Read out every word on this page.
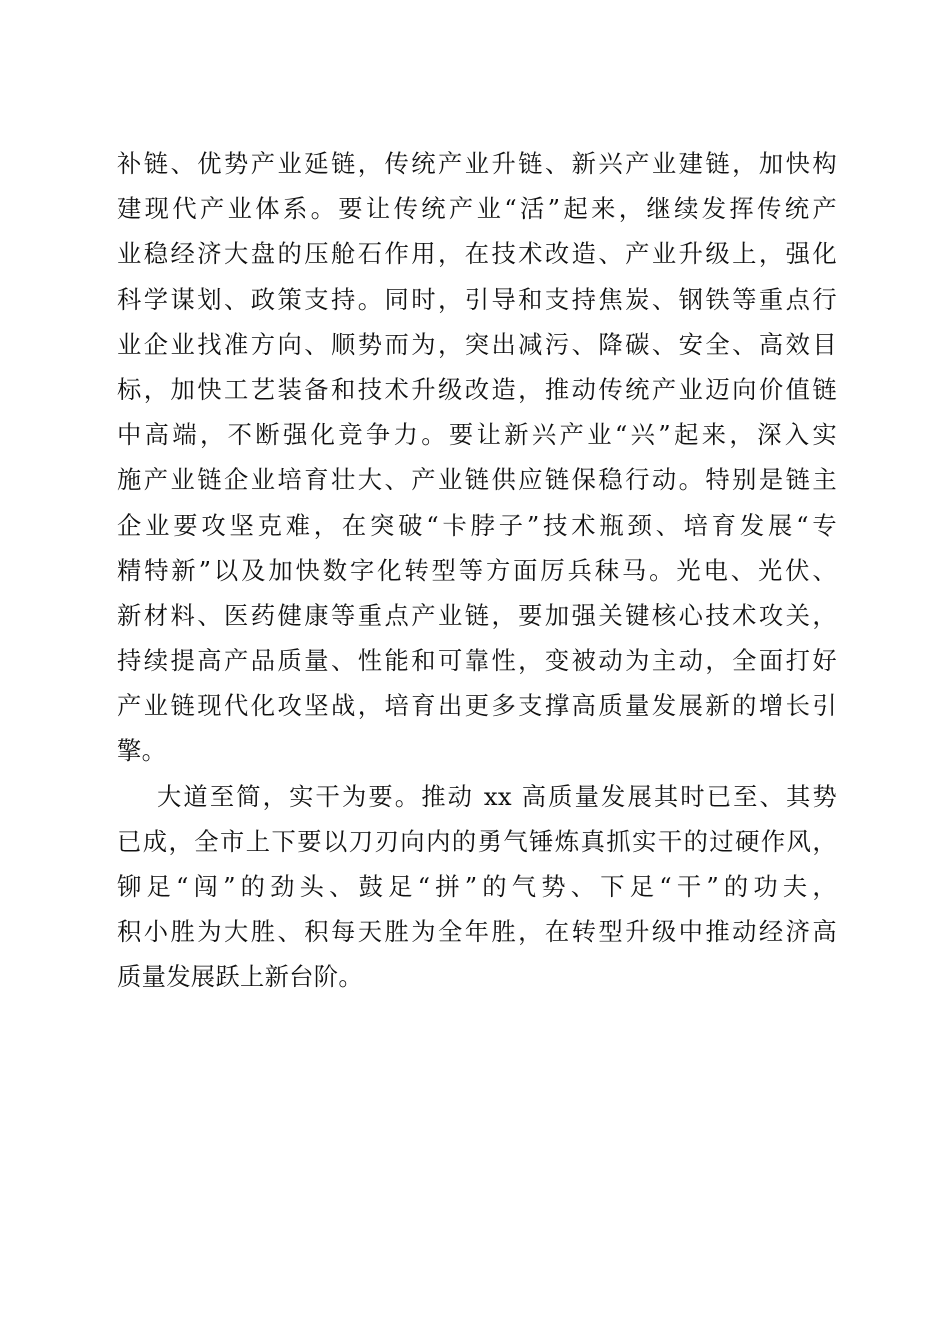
补链、优势产业延链，传统产业升链、新兴产业建链，加快构
建现代产业体系。要让传统产业“活”起来，继续发挥传统产
业稳经济大盘的压舱石作用，在技术改造、产业升级上，强化
科学谋划、政策支持。同时，引导和支持焦炭、钢铁等重点行
业企业找准方向、顺势而为，突出减污、降碳、安全、高效目
标，加快工艺装备和技术升级改造，推动传统产业迈向价值链
中高端，不断强化竞争力。要让新兴产业“兴”起来，深入实
施产业链企业培育壮大、产业链供应链保稳行动。特别是链主
企业要攻坚克难，在突破“卡脖子”技术瓶颈、培育发展“专
精特新”以及加快数字化转型等方面厉兵秣马。光电、光伏、
新材料、医药健康等重点产业链，要加强关键核心技术攻关，
持续提高产品质量、性能和可靠性，变被动为主动，全面打好
产业链现代化攻坚战，培育出更多支撑高质量发展新的增长引
擎。
大道至简，实干为要。推动 xx 高质量发展其时已至、其势
已成，全市上下要以刀刃向内的勇气锤炼真抓实干的过硬作风，
铆足“闯”的劲头、鼓足“拼”的气势、下足“干”的功夫，
积小胜为大胜、积每天胜为全年胜，在转型升级中推动经济高
质量发展跃上新台阶。
